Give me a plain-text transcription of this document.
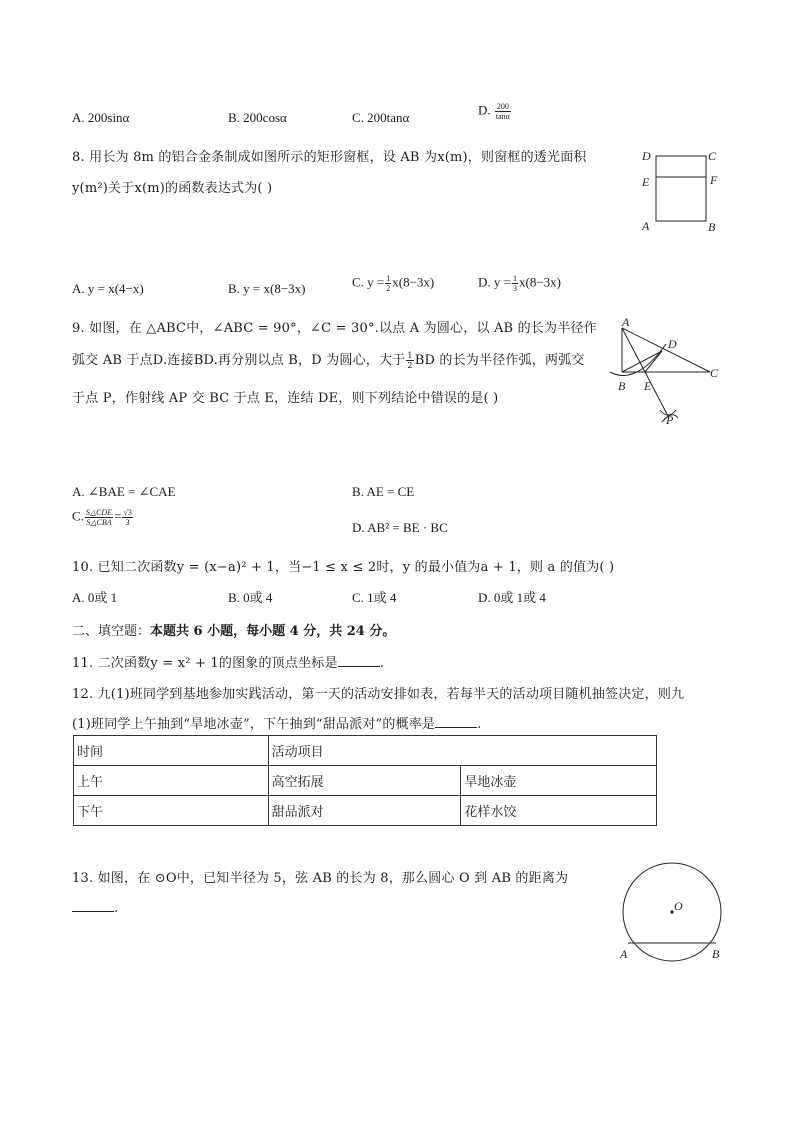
A. 200sinα	B. 200cosα	C. 200tanα
D. $\frac{200}{\tan\alpha}$
8. 用长为 8m 的铝合金条制成如图所示的矩形窗框，设 AB 为x(m)，则窗框的透光面积
y(m²)关于x(m)的函数表达式为( )
D	C
E	F
A	B
A. y = x(4−x)	B. y = x(8−3x)	C. $y = \frac{1}{2} x(8-3x)$	D. $y = \frac{1}{3} x(8-3x)$
9. 如图，在 △ABC中，∠ABC = 90°，∠C = 30°.以点 A 为圆心，以 AB 的长为半径作
弧交 AB 于点D.连接BD.再分别以点 B，D 为圆心，大于 $\frac{1}{2}$ BD 的长为半径作弧，两弧交
于点 P，作射线 AP 交 BC 于点 E，连结 DE，则下列结论中错误的是( )
A
D
B E
C
P
A. ∠BAE = ∠CAE	B. AE = CE
C. $\frac{\text{S△CDE}}{\text{S△CBA}} = \frac{√3}{3}$
D. AB² = BE · BC
10. 已知二次函数y = (x−a)² + 1，当−1 ≤ x ≤ 2时，y 的最小值为a + 1，则 a 的值为( )
A. 0或 1	B. 0或 4	C. 1或 4	D. 0或 1或 4
二、填空题：本题共 6 小题，每小题 4 分，共 24 分。
11. 二次函数y = x² + 1的图象的顶点坐标是	.
12. 九(1)班同学到基地参加实践活动，第一天的活动安排如表，若每半天的活动项目随机抽签决定，则九
(1)班同学上午抽到“旱地冰壶”，下午抽到“甜品派对”的概率是	.
时间	活动项目	
上午	高空拓展	旱地冰壶
下午	甜品派对	花样水饺
13. 如图，在 ⊙O中，已知半径为 5，弦 AB 的长为 8，那么圆心 O 到 AB 的距离为
.	O
A	B
